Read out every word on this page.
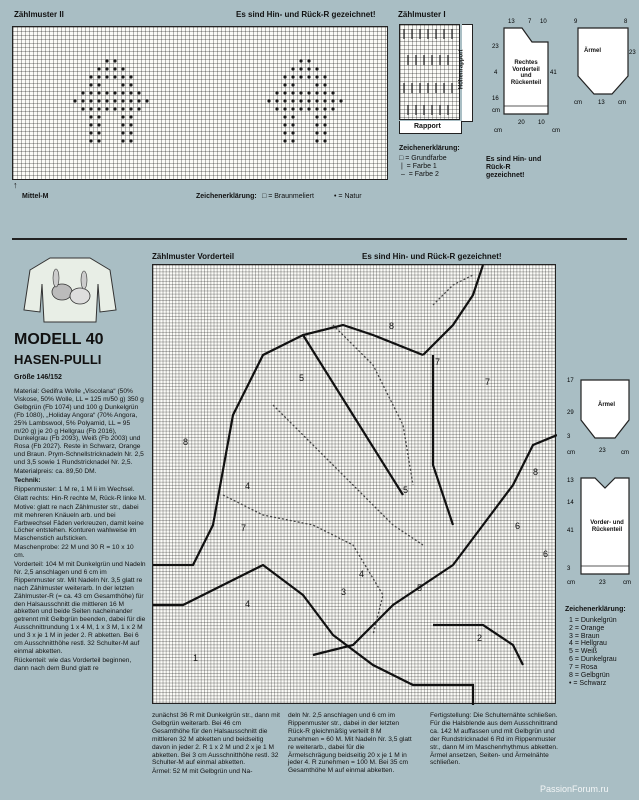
Zählmuster II	Es sind Hin- und Rück-R gezeichnet!
↑
Mittel-M	Zeichenerklärung: □ = Braunmeliert	• = Natur
Zählmuster I
Höhenrapport
Rapport
Zeichenerklärung:
□ = Grundfarbe
|  = Farbe 1
–  = Farbe 2
Es sind Hin- und Rück-R gezeichnet!
13 7 10
23
41
4
16
cm
20 10
cm	cm
Rechtes Vorderteil und Rückenteil
8
9
23
cm	13 cm
Ärmel
MODELL 40
HASEN-PULLI
Größe 146/152

Material: Gedifra Wolle „Viscolana“ (50% Viskose, 50% Wolle, LL = 125 m/50 g) 350 g Gelbgrün (Fb 1074) und 100 g Dunkelgrün (Fb 1080), „Holiday Angora“ (70% Angora, 25% Lambswool, 5% Polyamid, LL = 95 m/20 g) je 20 g Hellgrau (Fb 2016), Dunkelgrau (Fb 2093), Weiß (Fb 2003) und Rosa (Fb 2027). Reste in Schwarz, Orange und Braun. Prym-Schnellstricknadeln Nr. 2,5 und 3,5 sowie 1 Rundstricknadel Nr. 2,5.

Materialpreis: ca. 89,50 DM.

Technik:

Rippenmuster: 1 M re, 1 M li im Wechsel.

Glatt rechts: Hin-R rechte M, Rück-R linke M.

Motive: glatt re nach Zählmuster str., dabei mit mehreren Knäueln arb. und bei Farbwechsel Fäden verkreuzen, damit keine Löcher entstehen. Konturen wahlweise im Maschenstich aufsticken.

Maschenprobe: 22 M und 30 R = 10 x 10 cm.

Vorderteil: 104 M mit Dunkelgrün und Nadeln Nr. 2,5 anschlagen und 6 cm im Rippenmuster str. Mit Nadeln Nr. 3,5 glatt re nach Zählmuster weiterarb. In der letzten Zählmuster-R (= ca. 43 cm Gesamthöhe) für den Halsausschnitt die mittleren 16 M abketten und beide Seiten nacheinander getrennt mit Gelbgrün beenden, dabei für die Ausschnittrundung 1 x 4 M, 1 x 3 M, 1 x 2 M und 3 x je 1 M in jeder 2. R abketten. Bei 6 cm Ausschnitthöhe restl. 32 Schulter-M auf einmal abketten.

Rückenteil: wie das Vorderteil beginnen, dann nach dem Bund glatt re

Zählmuster Vorderteil	Es sind Hin- und Rück-R gezeichnet!
8
8
7
5	7
4	5
7
4
4
5
2
6
6
8
3
1
17
29
3
cm	23	cm
Ärmel
13
14
41
3
23
cm	cm
Vorder- und Rückenteil
Zeichenerklärung:
1 = Dunkelgrün
2 = Orange
3 = Braun
4 = Hellgrau
5 = Weiß
6 = Dunkelgrau
7 = Rosa
8 = Gelbgrün
• = Schwarz

zunächst 36 R mit Dunkelgrün str., dann mit Gelbgrün weiterarb. Bei 46 cm Gesamthöhe für den Halsausschnitt die mittleren 32 M abketten und beidseitig davon in jeder 2. R 1 x 2 M und 2 x je 1 M abketten. Bei 3 cm Ausschnitthöhe restl. 32 Schulter-M auf einmal abketten.

Ärmel: 52 M mit Gelbgrün und Na-

deln Nr. 2,5 anschlagen und 6 cm im Rippenmuster str., dabei in der letzten Rück-R gleichmäßig verteilt 8 M zunehmen = 60 M. Mit Nadeln Nr. 3,5 glatt re weiterarb., dabei für die Ärmelschrägung beidseitig 20 x je 1 M in jeder 4. R zunehmen = 100 M. Bei 35 cm Gesamthöhe M auf einmal abketten.

Fertigstellung: Die Schulternähte schließen. Für die Halsblende aus dem Ausschnittrand ca. 142 M auffassen und mit Gelbgrün und der Rundstricknadel 6 Rd im Rippenmuster str., dann M im Maschenrhythmus abketten. Ärmel ansetzen, Seiten- und Ärmelnähte schließen.

PassionForum.ru
